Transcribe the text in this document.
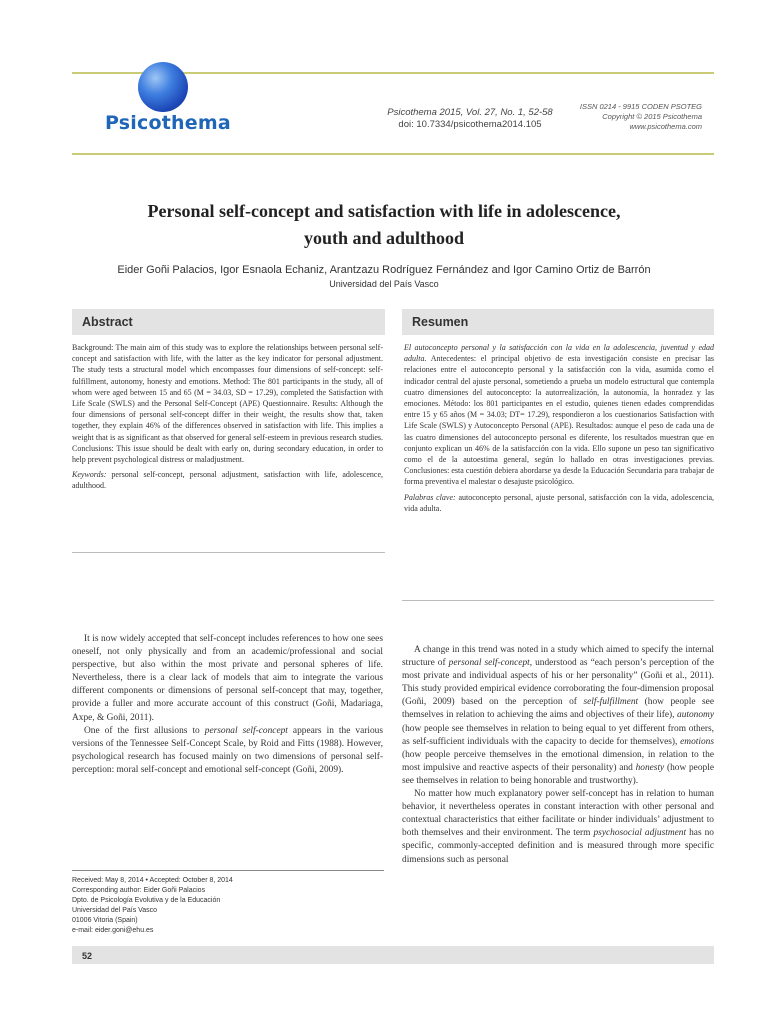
Psicothema	Psicothema 2015, Vol. 27, No. 1, 52-58
doi: 10.7334/psicothema2014.105
ISSN 0214 - 9915 CODEN PSOTEG
Copyright © 2015 Psicothema
www.psicothema.com
Personal self-concept and satisfaction with life in adolescence,
youth and adulthood
Eider Goñi Palacios, Igor Esnaola Echaniz, Arantzazu Rodríguez Fernández and Igor Camino Ortiz de Barrón
Universidad del País Vasco
Abstract	Resumen

Background: The main aim of this study was to explore the relationships between personal self-concept and satisfaction with life, with the latter as the key indicator for personal adjustment. The study tests a structural model which encompasses four dimensions of self-concept: self-fulfillment, autonomy, honesty and emotions. Method: The 801 participants in the study, all of whom were aged between 15 and 65 (M = 34.03, SD = 17.29), completed the Satisfaction with Life Scale (SWLS) and the Personal Self-Concept (APE) Questionnaire. Results: Although the four dimensions of personal self-concept differ in their weight, the results show that, taken together, they explain 46% of the differences observed in satisfaction with life. This implies a weight that is as significant as that observed for general self-esteem in previous research studies. Conclusions: This issue should be dealt with early on, during secondary education, in order to help prevent psychological distress or maladjustment.

Keywords: personal self-concept, personal adjustment, satisfaction with life, adolescence, adulthood.

El autoconcepto personal y la satisfacción con la vida en la adolescencia, juventud y edad adulta. Antecedentes: el principal objetivo de esta investigación consiste en precisar las relaciones entre el autoconcepto personal y la satisfacción con la vida, asumida como el indicador central del ajuste personal, sometiendo a prueba un modelo estructural que contempla cuatro dimensiones del autoconcepto: la autorrealización, la autonomía, la honradez y las emociones. Método: los 801 participantes en el estudio, quienes tienen edades comprendidas entre 15 y 65 años (M = 34.03; DT= 17.29), respondieron a los cuestionarios Satisfaction with Life Scale (SWLS) y Autoconcepto Personal (APE). Resultados: aunque el peso de cada una de las cuatro dimensiones del autoconcepto personal es diferente, los resultados muestran que en conjunto explican un 46% de la satisfacción con la vida. Ello supone un peso tan significativo como el de la autoestima general, según lo hallado en otras investigaciones previas. Conclusiones: esta cuestión debiera abordarse ya desde la Educación Secundaria para trabajar de forma preventiva el malestar o desajuste psicológico.

Palabras clave: autoconcepto personal, ajuste personal, satisfacción con la vida, adolescencia, vida adulta.

It is now widely accepted that self-concept includes references to how one sees oneself, not only physically and from an academic/professional and social perspective, but also within the most private and personal spheres of life. Nevertheless, there is a clear lack of models that aim to integrate the various different components or dimensions of personal self-concept that may, together, provide a fuller and more accurate account of this construct (Goñi, Madariaga, Axpe, & Goñi, 2011).

One of the first allusions to personal self-concept appears in the various versions of the Tennessee Self-Concept Scale, by Roid and Fitts (1988). However, psychological research has focused mainly on two dimensions of personal self-perception: moral self-concept and emotional self-concept (Goñi, 2009).

Received: May 8, 2014 • Accepted: October 8, 2014
Corresponding author: Eider Goñi Palacios
Dpto. de Psicología Evolutiva y de la Educación
Universidad del País Vasco
01006 Vitoria (Spain)
e-mail: eider.goni@ehu.es

A change in this trend was noted in a study which aimed to specify the internal structure of personal self-concept, understood as “each person’s perception of the most private and individual aspects of his or her personality” (Goñi et al., 2011). This study provided empirical evidence corroborating the four-dimension proposal (Goñi, 2009) based on the perception of self-fulfillment (how people see themselves in relation to achieving the aims and objectives of their life), autonomy (how people see themselves in relation to being equal to yet different from others, as self-sufficient individuals with the capacity to decide for themselves), emotions (how people perceive themselves in the emotional dimension, in relation to the most impulsive and reactive aspects of their personality) and honesty (how people see themselves in relation to being honorable and trustworthy).

No matter how much explanatory power self-concept has in relation to human behavior, it nevertheless operates in constant interaction with other personal and contextual characteristics that either facilitate or hinder individuals’ adjustment to both themselves and their environment. The term psychosocial adjustment has no specific, commonly-accepted definition and is measured through more specific dimensions such as personal

52
